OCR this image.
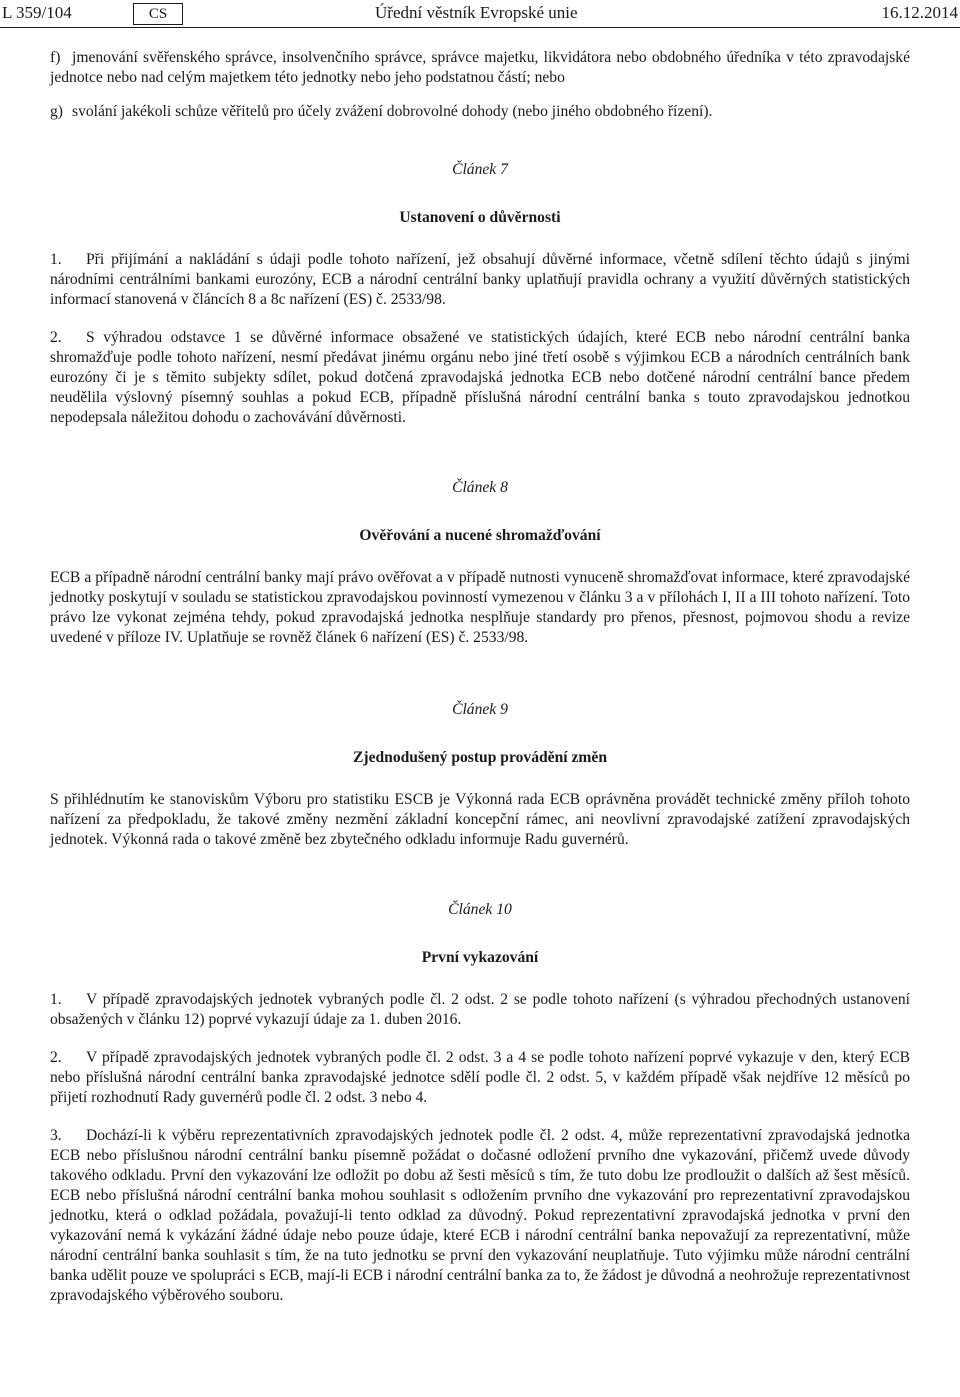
L 359/104	CS	Úřední věstník Evropské unie	16.12.2014

f) jmenování svěřenského správce, insolvenčního správce, správce majetku, likvidátora nebo obdobného úředníka v této zpravodajské jednotce nebo nad celým majetkem této jednotky nebo jeho podstatnou částí; nebo

g) svolání jakékoli schůze věřitelů pro účely zvážení dobrovolné dohody (nebo jiného obdobného řízení).

Článek 7

Ustanovení o důvěrnosti

1. Při přijímání a nakládání s údaji podle tohoto nařízení, jež obsahují důvěrné informace, včetně sdílení těchto údajů s jinými národními centrálními bankami eurozóny, ECB a národní centrální banky uplatňují pravidla ochrany a využití důvěrných statistických informací stanovená v článcích 8 a 8c nařízení (ES) č. 2533/98.

2. S výhradou odstavce 1 se důvěrné informace obsažené ve statistických údajích, které ECB nebo národní centrální banka shromažďuje podle tohoto nařízení, nesmí předávat jinému orgánu nebo jiné třetí osobě s výjimkou ECB a národních centrálních bank eurozóny či je s těmito subjekty sdílet, pokud dotčená zpravodajská jednotka ECB nebo dotčené národní centrální bance předem neudělila výslovný písemný souhlas a pokud ECB, případně příslušná národní centrální banka s touto zpravodajskou jednotkou nepodepsala náležitou dohodu o zachovávání důvěrnosti.

Článek 8

Ověřování a nucené shromažďování

ECB a případně národní centrální banky mají právo ověřovat a v případě nutnosti vynuceně shromažďovat informace, které zpravodajské jednotky poskytují v souladu se statistickou zpravodajskou povinností vymezenou v článku 3 a v přílohách I, II a III tohoto nařízení. Toto právo lze vykonat zejména tehdy, pokud zpravodajská jednotka nesplňuje standardy pro přenos, přesnost, pojmovou shodu a revize uvedené v příloze IV. Uplatňuje se rovněž článek 6 nařízení (ES) č. 2533/98.

Článek 9

Zjednodušený postup provádění změn

S přihlédnutím ke stanoviskům Výboru pro statistiku ESCB je Výkonná rada ECB oprávněna provádět technické změny příloh tohoto nařízení za předpokladu, že takové změny nezmění základní koncepční rámec, ani neovlivní zpravodajské zatížení zpravodajských jednotek. Výkonná rada o takové změně bez zbytečného odkladu informuje Radu guvernérů.

Článek 10

První vykazování

1. V případě zpravodajských jednotek vybraných podle čl. 2 odst. 2 se podle tohoto nařízení (s výhradou přechodných ustanovení obsažených v článku 12) poprvé vykazují údaje za 1. duben 2016.

2. V případě zpravodajských jednotek vybraných podle čl. 2 odst. 3 a 4 se podle tohoto nařízení poprvé vykazuje v den, který ECB nebo příslušná národní centrální banka zpravodajské jednotce sdělí podle čl. 2 odst. 5, v každém případě však nejdříve 12 měsíců po přijetí rozhodnutí Rady guvernérů podle čl. 2 odst. 3 nebo 4.

3. Dochází-li k výběru reprezentativních zpravodajských jednotek podle čl. 2 odst. 4, může reprezentativní zpravodajská jednotka ECB nebo příslušnou národní centrální banku písemně požádat o dočasné odložení prvního dne vykazování, přičemž uvede důvody takového odkladu. První den vykazování lze odložit po dobu až šesti měsíců s tím, že tuto dobu lze prodloužit o dalších až šest měsíců. ECB nebo příslušná národní centrální banka mohou souhlasit s odložením prvního dne vykazování pro reprezentativní zpravodajskou jednotku, která o odklad požádala, považují-li tento odklad za důvodný. Pokud reprezentativní zpravodajská jednotka v první den vykazování nemá k vykázání žádné údaje nebo pouze údaje, které ECB i národní centrální banka nepovažují za reprezentativní, může národní centrální banka souhlasit s tím, že na tuto jednotku se první den vykazování neuplatňuje. Tuto výjimku může národní centrální banka udělit pouze ve spolupráci s ECB, mají-li ECB i národní centrální banka za to, že žádost je důvodná a neohrožuje reprezentativnost zpravodajského výběrového souboru.
